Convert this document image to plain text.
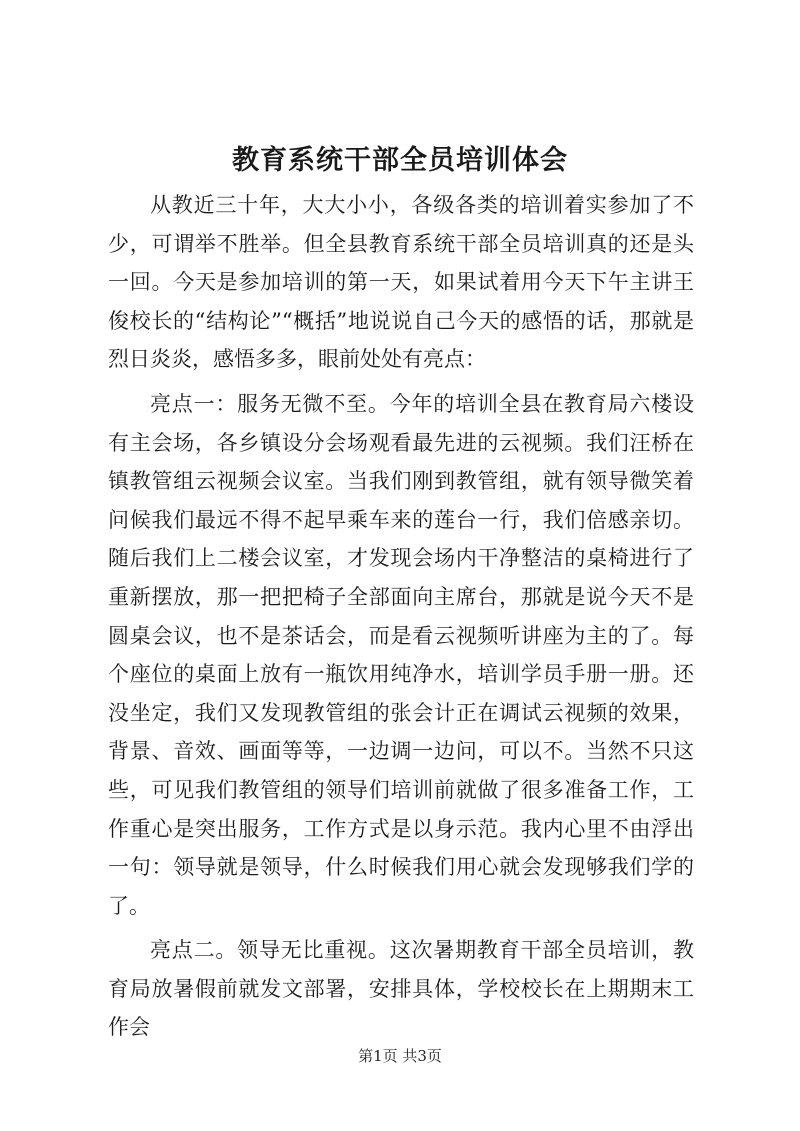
教育系统干部全员培训体会

从教近三十年，大大小小，各级各类的培训着实参加了不少，可谓举不胜举。但全县教育系统干部全员培训真的还是头一回。今天是参加培训的第一天，如果试着用今天下午主讲王俊校长的“结构论”“概括”地说说自己今天的感悟的话，那就是烈日炎炎，感悟多多，眼前处处有亮点：

亮点一：服务无微不至。今年的培训全县在教育局六楼设有主会场，各乡镇设分会场观看最先进的云视频。我们汪桥在镇教管组云视频会议室。当我们刚到教管组，就有领导微笑着问候我们最远不得不起早乘车来的莲台一行，我们倍感亲切。随后我们上二楼会议室，才发现会场内干净整洁的桌椅进行了重新摆放，那一把把椅子全部面向主席台，那就是说今天不是圆桌会议，也不是茶话会，而是看云视频听讲座为主的了。每个座位的桌面上放有一瓶饮用纯净水，培训学员手册一册。还没坐定，我们又发现教管组的张会计正在调试云视频的效果，背景、音效、画面等等，一边调一边问，可以不。当然不只这些，可见我们教管组的领导们培训前就做了很多准备工作，工作重心是突出服务，工作方式是以身示范。我内心里不由浮出一句：领导就是领导，什么时候我们用心就会发现够我们学的了。

亮点二。领导无比重视。这次暑期教育干部全员培训，教育局放暑假前就发文部署，安排具体，学校校长在上期期末工作会

第1页 共3页
